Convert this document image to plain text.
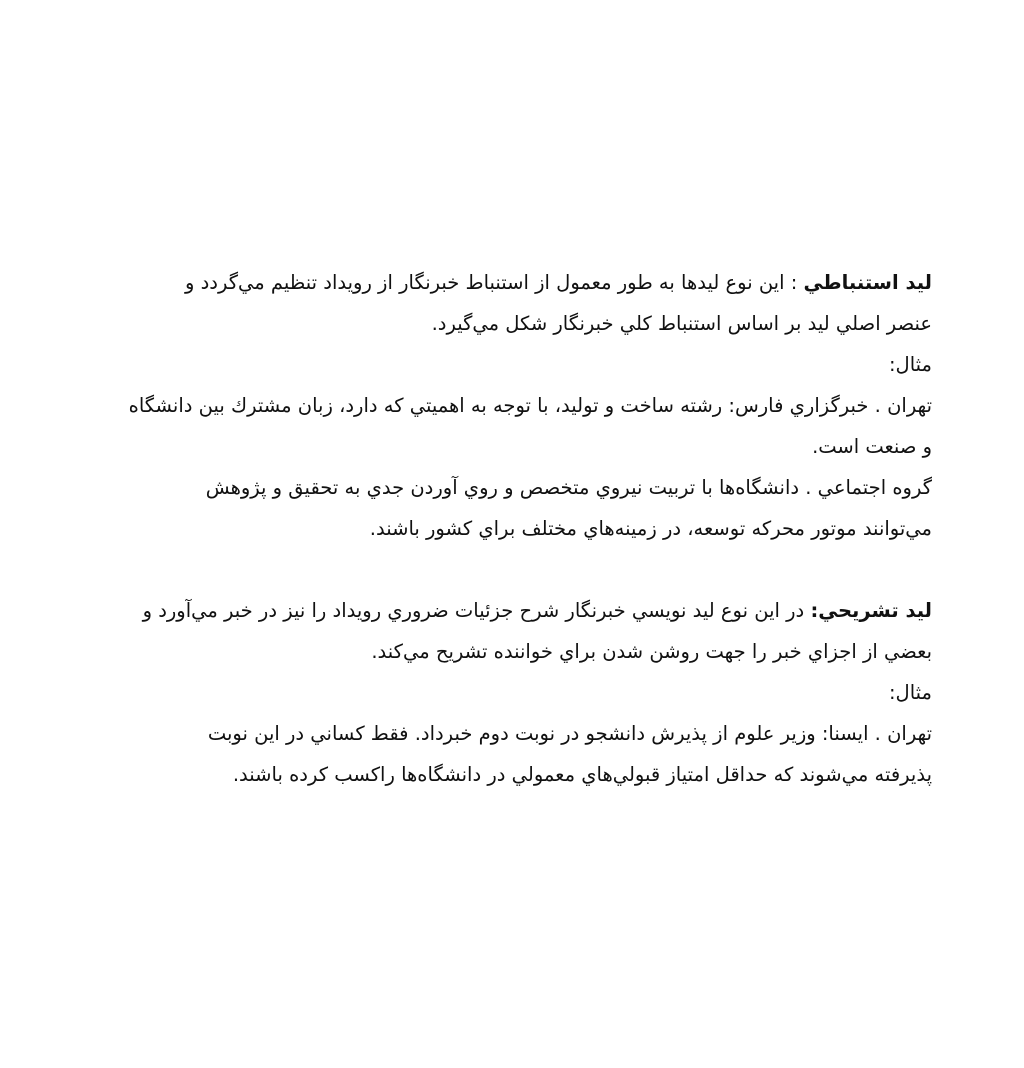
ليد استنباطي : اين نوع ليدها به طور معمول از استنباط خبرنگار از رويداد تنظيم مي‌گردد و
عنصر اصلي ليد بر اساس استنباط كلي خبرنگار شكل مي‌گيرد.
مثال:
تهران . خبرگزاري فارس: رشته ساخت و توليد، با توجه به اهميتي كه دارد، زبان مشترك بين دانشگاه
و صنعت است.
گروه اجتماعي . دانشگاه‌ها با تربيت نيروي متخصص و روي آوردن جدي به تحقيق و پژوهش
مي‌توانند موتور محركه توسعه، در زمينه‌هاي مختلف براي كشور باشند.
ليد تشريحي: در اين نوع ليد نويسي خبرنگار شرح جزئيات ضروري رويداد را نيز در خبر مي‌آورد و
بعضي از اجزاي خبر را جهت روشن شدن براي خواننده تشريح مي‌كند.
مثال:
تهران . ايسنا: وزير علوم از پذيرش دانشجو در نوبت دوم خبرداد. فقط كساني در اين نوبت
پذيرفته مي‌شوند كه حداقل امتياز قبولي‌هاي معمولي در دانشگاه‌ها راكسب كرده باشند.
